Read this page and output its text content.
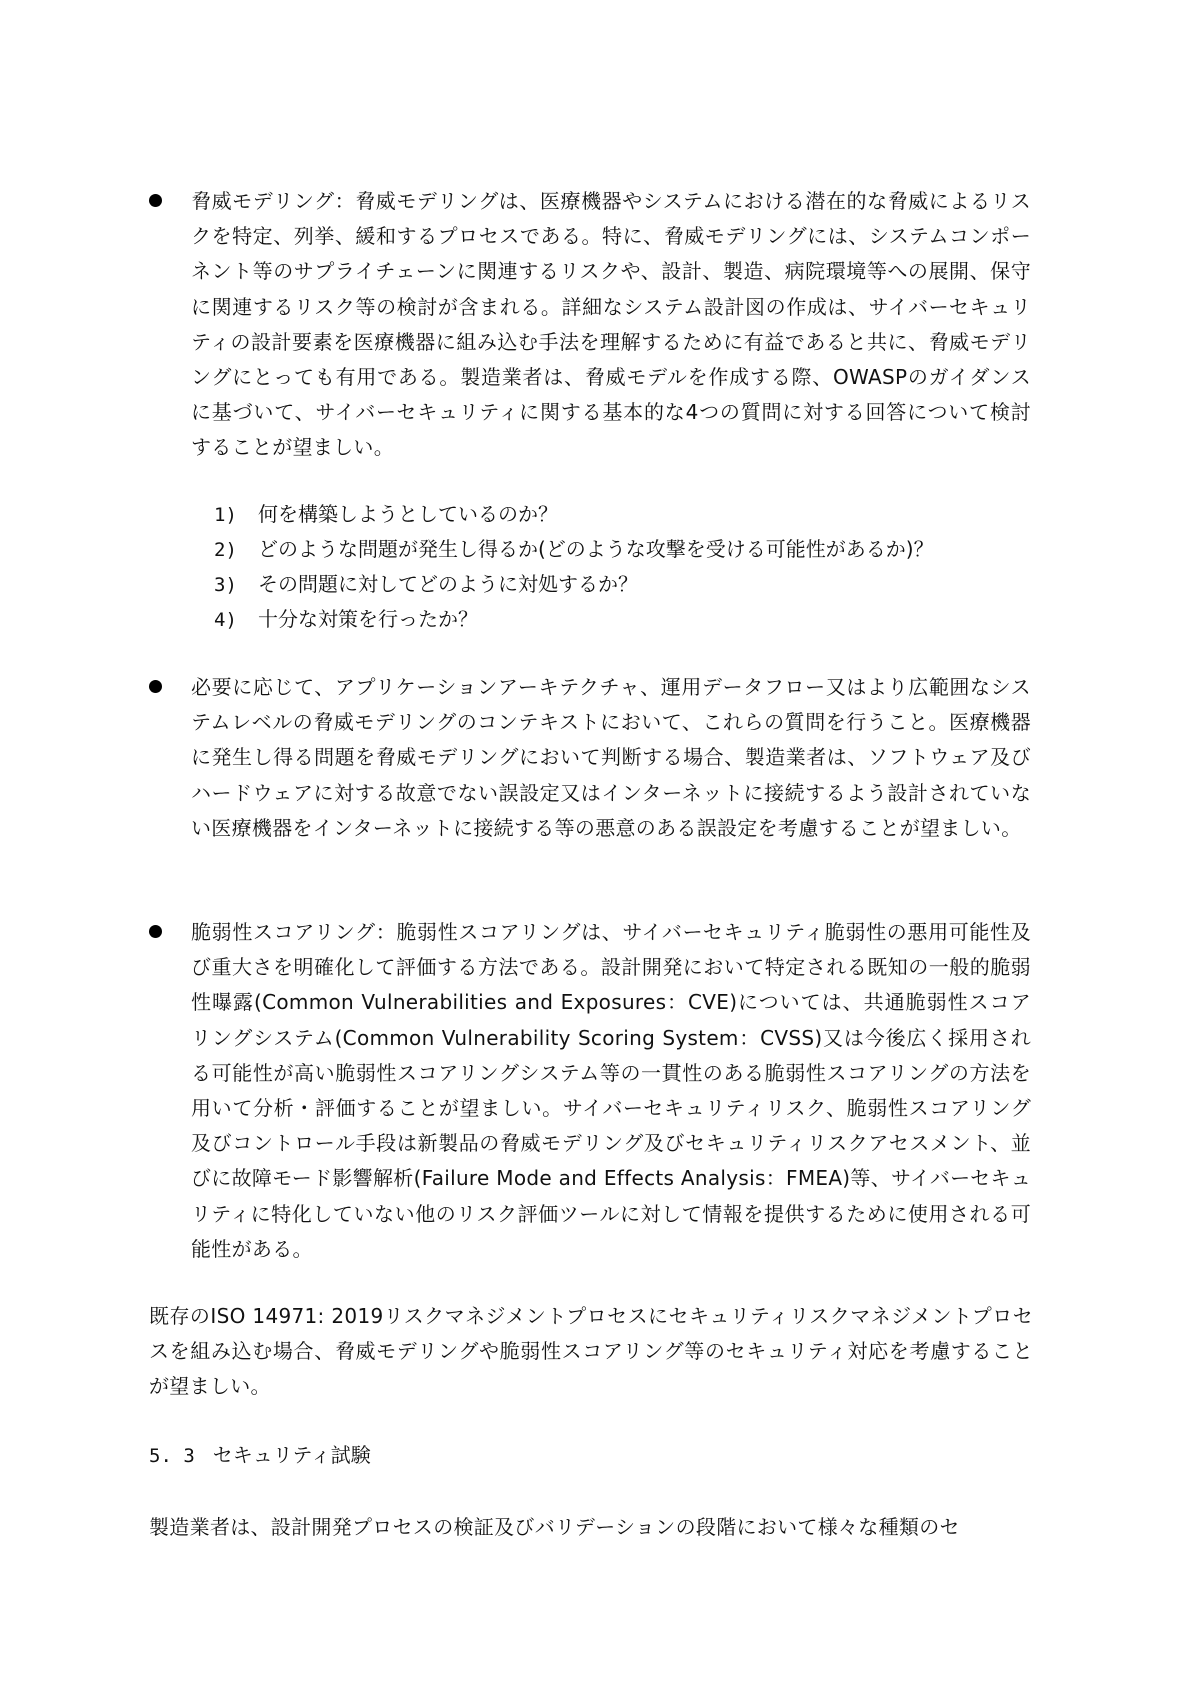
脅威モデリング：脅威モデリングは、医療機器やシステムにおける潜在的な脅威によるリスクを特定、列挙、緩和するプロセスである。特に、脅威モデリングには、システムコンポーネント等のサプライチェーンに関連するリスクや、設計、製造、病院環境等への展開、保守に関連するリスク等の検討が含まれる。詳細なシステム設計図の作成は、サイバーセキュリティの設計要素を医療機器に組み込む手法を理解するために有益であると共に、脅威モデリングにとっても有用である。製造業者は、脅威モデルを作成する際、OWASPのガイダンスに基づいて、サイバーセキュリティに関する基本的な4つの質問に対する回答について検討することが望ましい。

1) 何を構築しようとしているのか？
2) どのような問題が発生し得るか(どのような攻撃を受ける可能性があるか)？
3) その問題に対してどのように対処するか？
4) 十分な対策を行ったか？

必要に応じて、アプリケーションアーキテクチャ、運用データフロー又はより広範囲なシステムレベルの脅威モデリングのコンテキストにおいて、これらの質問を行うこと。医療機器に発生し得る問題を脅威モデリングにおいて判断する場合、製造業者は、ソフトウェア及びハードウェアに対する故意でない誤設定又はインターネットに接続するよう設計されていない医療機器をインターネットに接続する等の悪意のある誤設定を考慮することが望ましい。

脆弱性スコアリング：脆弱性スコアリングは、サイバーセキュリティ脆弱性の悪用可能性及び重大さを明確化して評価する方法である。設計開発において特定される既知の一般的脆弱性曝露(Common Vulnerabilities and Exposures：CVE)については、共通脆弱性スコアリングシステム(Common Vulnerability Scoring System：CVSS)又は今後広く採用される可能性が高い脆弱性スコアリングシステム等の一貫性のある脆弱性スコアリングの方法を用いて分析・評価することが望ましい。サイバーセキュリティリスク、脆弱性スコアリング及びコントロール手段は新製品の脅威モデリング及びセキュリティリスクアセスメント、並びに故障モード影響解析(Failure Mode and Effects Analysis：FMEA)等、サイバーセキュリティに特化していない他のリスク評価ツールに対して情報を提供するために使用される可能性がある。

既存のISO 14971: 2019リスクマネジメントプロセスにセキュリティリスクマネジメントプロセスを組み込む場合、脅威モデリングや脆弱性スコアリング等のセキュリティ対応を考慮することが望ましい。

5. 3 セキュリティ試験

製造業者は、設計開発プロセスの検証及びバリデーションの段階において様々な種類のセ
